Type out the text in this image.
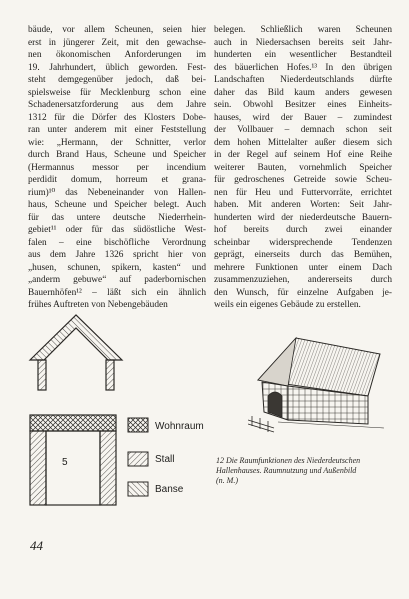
bäude, vor allem Scheunen, seien hier
erst in jüngerer Zeit, mit den gewachse-
nen ökonomischen Anforderungen im
19. Jahrhundert, üblich geworden. Fest-
steht demgegenüber jedoch, daß bei-
spielsweise für Mecklenburg schon eine
Schadenersatzforderung aus dem Jahre
1312 für die Dörfer des Klosters Dobe-
ran unter anderem mit einer Feststellung
wie: „Hermann, der Schnitter, verlor
durch Brand Haus, Scheune und Speicher
(Hermannus messor per incendium
perdidit domum, horreum et grana-
rium)¹⁰ das Nebeneinander von Hallen-
haus, Scheune und Speicher belegt. Auch
für das untere deutsche Niederrhein-
gebiet¹¹ oder für das südöstliche West-
falen – eine bischöfliche Verordnung
aus dem Jahre 1326 spricht hier von
„husen, schunen, spikern, kasten“ und
„anderm gebuwe“ auf paderbornischen
Bauernhöfen¹² – läßt sich ein ähnlich
frühes Auftreten von Nebengebäuden
belegen. Schließlich waren Scheunen
auch in Niedersachsen bereits seit Jahr-
hunderten ein wesentlicher Bestandteil
des bäuerlichen Hofes.¹³ In den übrigen
Landschaften Niederdeutschlands dürfte
daher das Bild kaum anders gewesen
sein. Obwohl Besitzer eines Einheits-
hauses, wird der Bauer – zumindest
der Vollbauer – demnach schon seit
dem hohen Mittelalter außer diesem sich
in der Regel auf seinem Hof eine Reihe
weiterer Bauten, vornehmlich Speicher
für gedroschenes Getreide sowie Scheu-
nen für Heu und Futtervorräte, errichtet
haben. Mit anderen Worten: Seit Jahr-
hunderten wird der niederdeutsche Bauern-
hof bereits durch zwei einander
scheinbar widersprechende Tendenzen
geprägt, einerseits durch das Bemühen,
mehrere Funktionen unter einem Dach
zusammenzuziehen, andererseits durch
den Wunsch, für einzelne Aufgaben je-
weils ein eigenes Gebäude zu erstellen.
5
Wohnraum
Stall
Banse
12 Die Raumfunktionen des Niederdeutschen
Hallenhauses. Raumnutzung und Außenbild
(n. M.)
44
